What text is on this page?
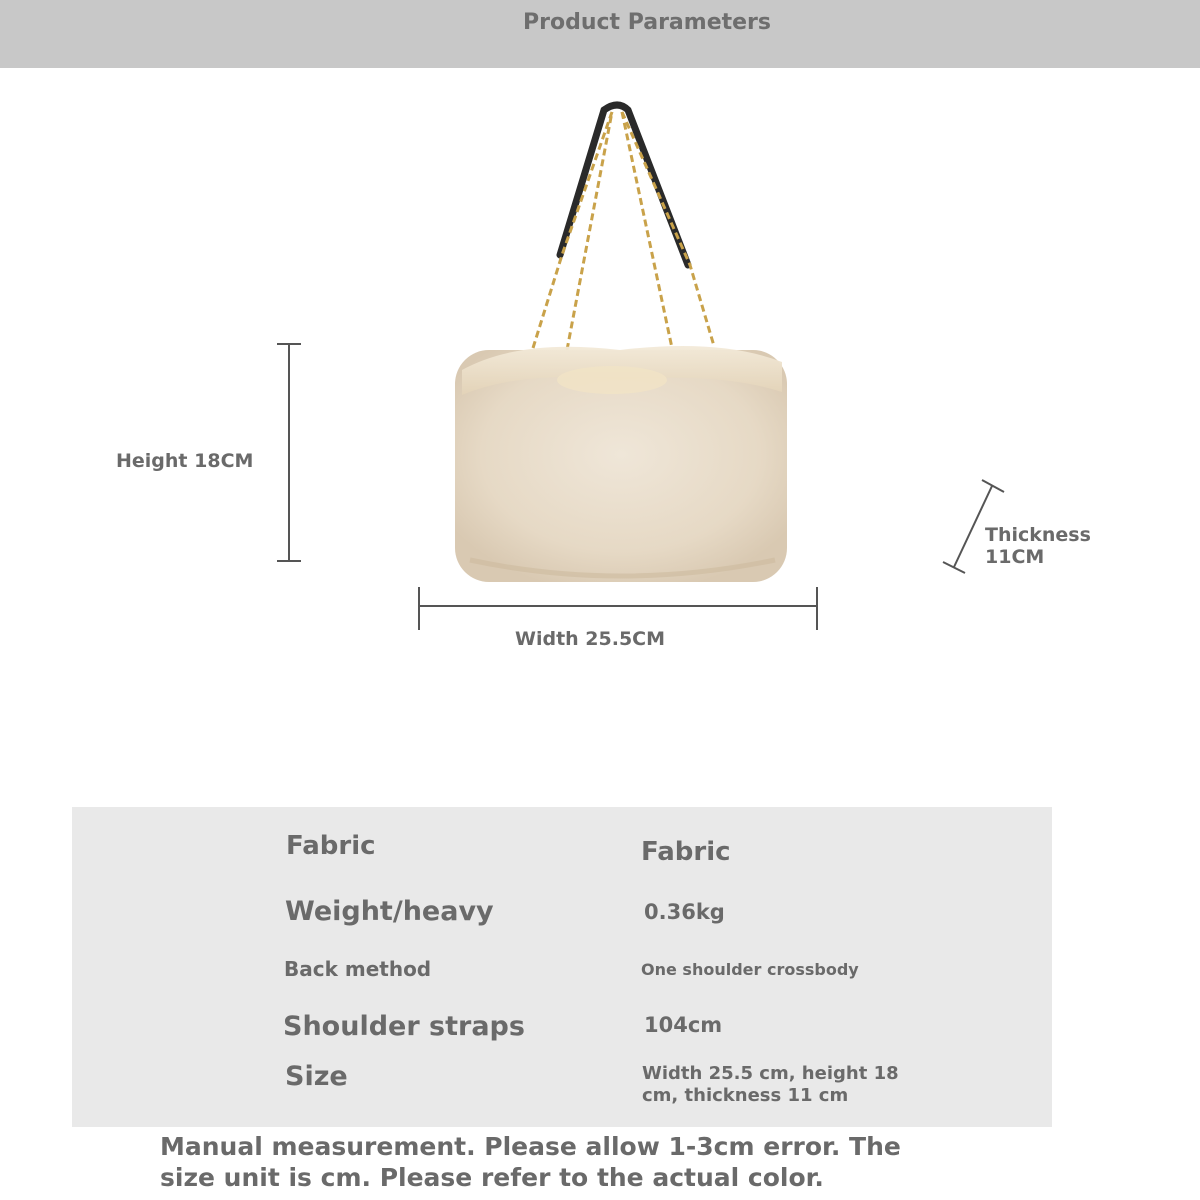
Product Parameters
Height 18CM
Width 25.5CM
Thickness
11CM
Fabric	Fabric
Weight/heavy	0.36kg
Back method	One shoulder crossbody
Shoulder straps	104cm
Size	Width 25.5 cm, height 18 cm, thickness 11 cm
Manual measurement. Please allow 1-3cm error. The size unit is cm. Please refer to the actual color.
